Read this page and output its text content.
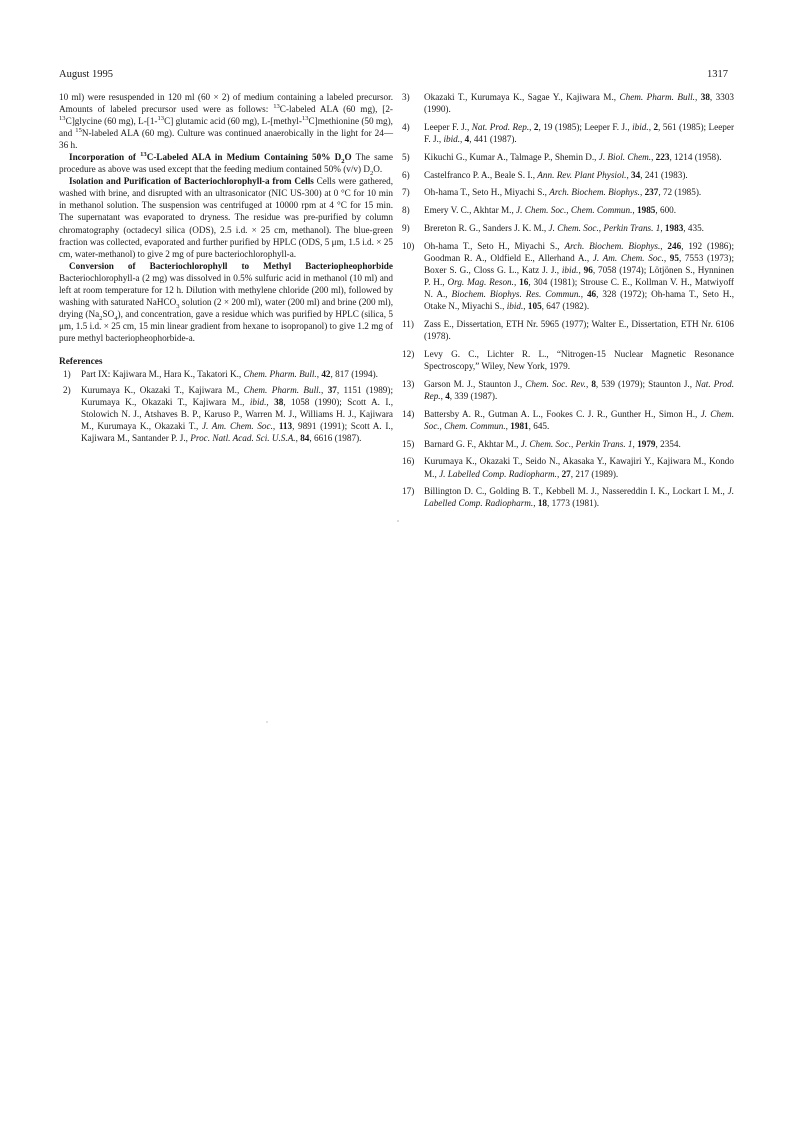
August 1995	1317

10 ml) were resuspended in 120 ml (60 × 2) of medium containing a labeled precursor. Amounts of labeled precursor used were as follows: $^{13}$C-labeled ALA (60 mg), [2-$^{13}$C]glycine (60 mg), L-[1-$^{13}$C] glutamic acid (60 mg), L-[methyl-$^{13}$C]methionine (50 mg), and $^{15}$N-labeled ALA (60 mg). Culture was continued anaerobically in the light for 24—36 h.

Incorporation of $^{13}$C-Labeled ALA in Medium Containing 50% $D_2O$ The same procedure as above was used except that the feeding medium contained 50% (v/v) $D_2O$.

Isolation and Purification of Bacteriochlorophyll-a from Cells Cells were gathered, washed with brine, and disrupted with an ultrasonicator (NIC US-300) at 0 °C for 10 min in methanol solution. The suspension was centrifuged at 10000 rpm at 4 °C for 15 min. The supernatant was evaporated to dryness. The residue was pre-purified by column chromatography (octadecyl silica (ODS), 2.5 i.d. × 25 cm, methanol). The blue-green fraction was collected, evaporated and further purified by HPLC (ODS, 5 μm, 1.5 i.d. × 25 cm, water-methanol) to give 2 mg of pure bacteriochlorophyll-a.

Conversion of Bacteriochlorophyll to Methyl Bacteriopheophorbide Bacteriochlorophyll-a (2 mg) was dissolved in 0.5% sulfuric acid in methanol (10 ml) and left at room temperature for 12 h. Dilution with methylene chloride (200 ml), followed by washing with saturated NaHCO$_3$ solution (2 × 200 ml), water (200 ml) and brine (200 ml), drying $(Na_2SO_4)$, and concentration, gave a residue which was purified by HPLC (silica, 5 μm, 1.5 i.d. × 25 cm, 15 min linear gradient from hexane to isopropanol) to give 1.2 mg of pure methyl bacteriopheophorbide-a.

References

1) Part IX: Kajiwara M., Hara K., Takatori K., Chem. Pharm. Bull., 42, 817 (1994).
2) Kurumaya K., Okazaki T., Kajiwara M., Chem. Pharm. Bull., 37, 1151 (1989); Kurumaya K., Okazaki T., Kajiwara M., ibid., 38, 1058 (1990); Scott A. I., Stolowich N. J., Atshaves B. P., Karuso P., Warren M. J., Williams H. J., Kajiwara M., Kurumaya K., Okazaki T., J. Am. Chem. Soc., 113, 9891 (1991); Scott A. I., Kajiwara M., Santander P. J., Proc. Natl. Acad. Sci. U.S.A., 84, 6616 (1987).
3) Okazaki T., Kurumaya K., Sagae Y., Kajiwara M., Chem. Pharm. Bull., 38, 3303 (1990).
4) Leeper F. J., Nat. Prod. Rep., 2, 19 (1985); Leeper F. J., ibid., 2, 561 (1985); Leeper F. J., ibid., 4, 441 (1987).
5) Kikuchi G., Kumar A., Talmage P., Shemin D., J. Biol. Chem., 223, 1214 (1958).
6) Castelfranco P. A., Beale S. I., Ann. Rev. Plant Physiol., 34, 241 (1983).
7) Oh-hama T., Seto H., Miyachi S., Arch. Biochem. Biophys., 237, 72 (1985).
8) Emery V. C., Akhtar M., J. Chem. Soc., Chem. Commun., 1985, 600.
9) Brereton R. G., Sanders J. K. M., J. Chem. Soc., Perkin Trans. 1, 1983, 435.
10) Oh-hama T., Seto H., Miyachi S., Arch. Biochem. Biophys., 246, 192 (1986); Goodman R. A., Oldfield E., Allerhand A., J. Am. Chem. Soc., 95, 7553 (1973); Boxer S. G., Closs G. L., Katz J. J., ibid., 96, 7058 (1974); Lötjönen S., Hynninen P. H., Org. Mag. Reson., 16, 304 (1981); Strouse C. E., Kollman V. H., Matwiyoff N. A., Biochem. Biophys. Res. Commun., 46, 328 (1972); Oh-hama T., Seto H., Otake N., Miyachi S., ibid., 105, 647 (1982).
11) Zass E., Dissertation, ETH Nr. 5965 (1977); Walter E., Dissertation, ETH Nr. 6106 (1978).
12) Levy G. C., Lichter R. L., “Nitrogen-15 Nuclear Magnetic Resonance Spectroscopy,” Wiley, New York, 1979.
13) Garson M. J., Staunton J., Chem. Soc. Rev., 8, 539 (1979); Staunton J., Nat. Prod. Rep., 4, 339 (1987).
14) Battersby A. R., Gutman A. L., Fookes C. J. R., Gunther H., Simon H., J. Chem. Soc., Chem. Commun., 1981, 645.
15) Barnard G. F., Akhtar M., J. Chem. Soc., Perkin Trans. 1, 1979, 2354.
16) Kurumaya K., Okazaki T., Seido N., Akasaka Y., Kawajiri Y., Kajiwara M., Kondo M., J. Labelled Comp. Radiopharm., 27, 217 (1989).
17) Billington D. C., Golding B. T., Kebbell M. J., Nassereddin I. K., Lockart I. M., J. Labelled Comp. Radiopharm., 18, 1773 (1981).
